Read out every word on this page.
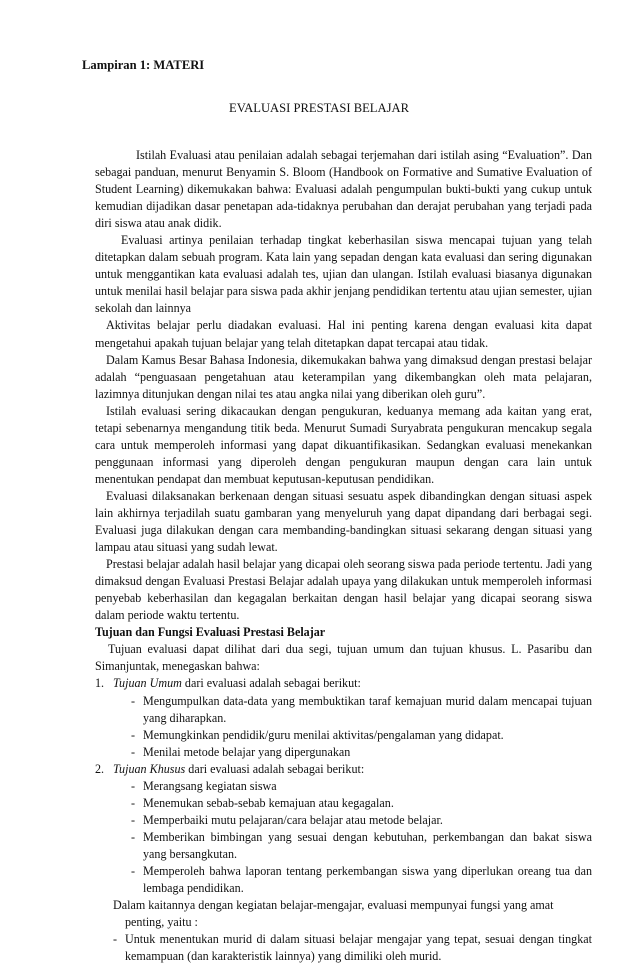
Lampiran 1: MATERI

EVALUASI PRESTASI BELAJAR

Istilah Evaluasi atau penilaian adalah sebagai terjemahan dari istilah asing “Evaluation”. Dan sebagai panduan, menurut Benyamin S. Bloom (Handbook on Formative and Sumative Evaluation of Student Learning) dikemukakan bahwa: Evaluasi adalah pengumpulan bukti-bukti yang cukup untuk kemudian dijadikan dasar penetapan ada-tidaknya perubahan dan derajat perubahan yang terjadi pada diri siswa atau anak didik.

Evaluasi artinya penilaian terhadap tingkat keberhasilan siswa mencapai tujuan yang telah ditetapkan dalam sebuah program. Kata lain yang sepadan dengan kata evaluasi dan sering digunakan untuk menggantikan kata evaluasi adalah tes, ujian dan ulangan. Istilah evaluasi biasanya digunakan untuk menilai hasil belajar para siswa pada akhir jenjang pendidikan tertentu atau ujian semester, ujian sekolah dan lainnya

Aktivitas belajar perlu diadakan evaluasi. Hal ini penting karena dengan evaluasi kita dapat mengetahui apakah tujuan belajar yang telah ditetapkan dapat tercapai atau tidak.

Dalam Kamus Besar Bahasa Indonesia, dikemukakan bahwa yang dimaksud dengan prestasi belajar adalah “penguasaan pengetahuan atau keterampilan yang dikembangkan oleh mata pelajaran, lazimnya ditunjukan dengan nilai tes atau angka nilai yang diberikan oleh guru”.

Istilah evaluasi sering dikacaukan dengan pengukuran, keduanya memang ada kaitan yang erat, tetapi sebenarnya mengandung titik beda. Menurut Sumadi Suryabrata pengukuran mencakup segala cara untuk memperoleh informasi yang dapat dikuantifikasikan. Sedangkan evaluasi menekankan penggunaan informasi yang diperoleh dengan pengukuran maupun dengan cara lain untuk menentukan pendapat dan membuat keputusan-keputusan pendidikan.

Evaluasi dilaksanakan berkenaan dengan situasi sesuatu aspek dibandingkan dengan situasi aspek lain akhirnya terjadilah suatu gambaran yang menyeluruh yang dapat dipandang dari berbagai segi. Evaluasi juga dilakukan dengan cara membanding-bandingkan situasi sekarang dengan situasi yang lampau atau situasi yang sudah lewat.

Prestasi belajar adalah hasil belajar yang dicapai oleh seorang siswa pada periode tertentu. Jadi yang dimaksud dengan Evaluasi Prestasi Belajar adalah upaya yang dilakukan untuk memperoleh informasi penyebab keberhasilan dan kegagalan berkaitan dengan hasil belajar yang dicapai seorang siswa dalam periode waktu tertentu.

Tujuan dan Fungsi Evaluasi Prestasi Belajar

Tujuan evaluasi dapat dilihat dari dua segi, tujuan umum dan tujuan khusus. L. Pasaribu dan Simanjuntak, menegaskan bahwa:

1. Tujuan Umum dari evaluasi adalah sebagai berikut:
- Mengumpulkan data-data yang membuktikan taraf kemajuan murid dalam mencapai tujuan yang diharapkan.
- Memungkinkan pendidik/guru menilai aktivitas/pengalaman yang didapat.
- Menilai metode belajar yang dipergunakan
2. Tujuan Khusus dari evaluasi adalah sebagai berikut:
- Merangsang kegiatan siswa
- Menemukan sebab-sebab kemajuan atau kegagalan.
- Memperbaiki mutu pelajaran/cara belajar atau metode belajar.
- Memberikan bimbingan yang sesuai dengan kebutuhan, perkembangan dan bakat siswa yang bersangkutan.
- Memperoleh bahwa laporan tentang perkembangan siswa yang diperlukan oreang tua dan lembaga pendidikan.

Dalam kaitannya dengan kegiatan belajar-mengajar, evaluasi mempunyai fungsi yang amat
penting, yaitu :

- Untuk menentukan murid di dalam situasi belajar mengajar yang tepat, sesuai dengan tingkat kemampuan (dan karakteristik lainnya) yang dimiliki oleh murid.
